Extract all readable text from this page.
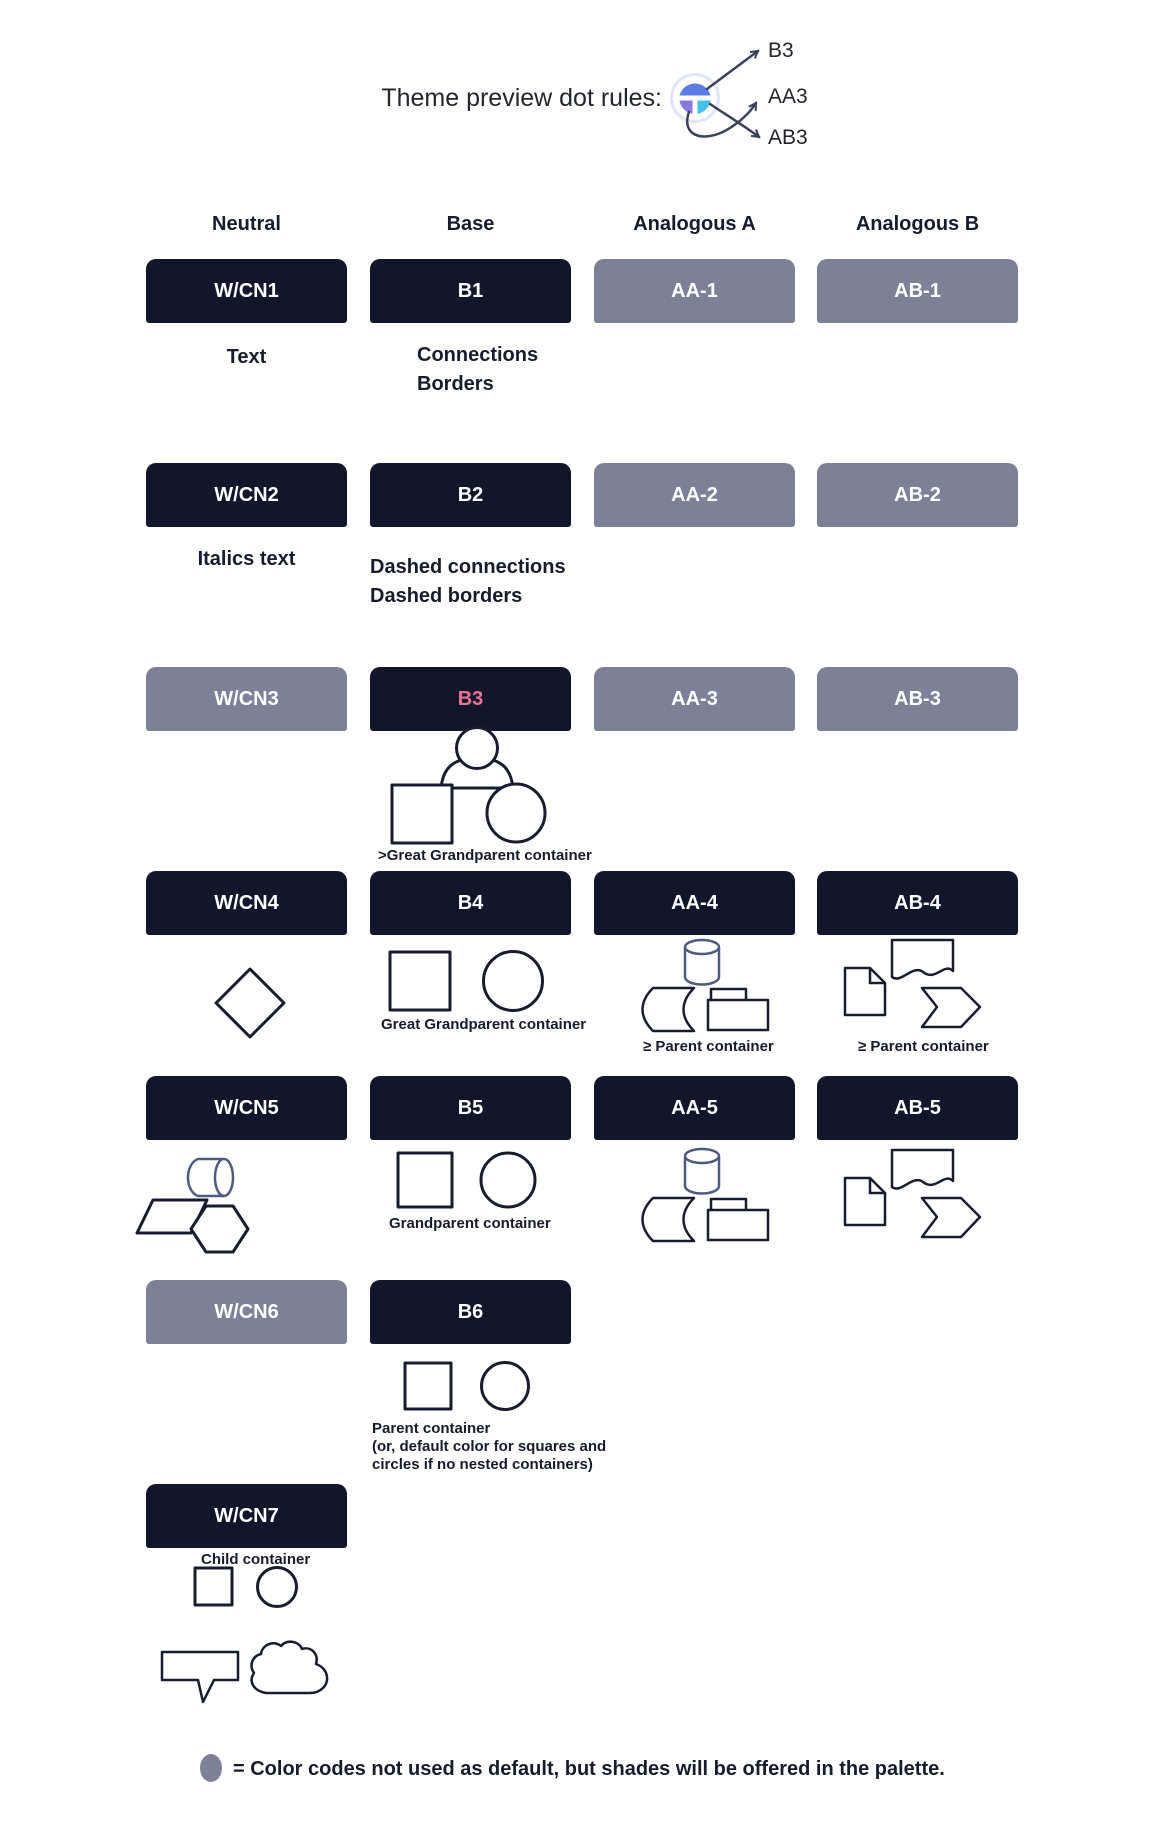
Theme preview dot rules:
B3
AA3
AB3
Neutral	Base	Analogous A	Analogous B
W/CN1	B1	AA-1	AB-1
Text	Connections
Borders
W/CN2	B2	AA-2	AB-2
Italics text	Dashed connections
Dashed borders
W/CN3	B3	AA-3	AB-3
W/CN4	B4	AA-4	AB-4
W/CN5	B5	AA-5	AB-5
W/CN6	B6
W/CN7
>Great Grandparent container
Great Grandparent container
≥ Parent container	≥ Parent container
Grandparent container
Parent container
(or, default color for squares and
circles if no nested containers)
Child container
= Color codes not used as default, but shades will be offered in the palette.
